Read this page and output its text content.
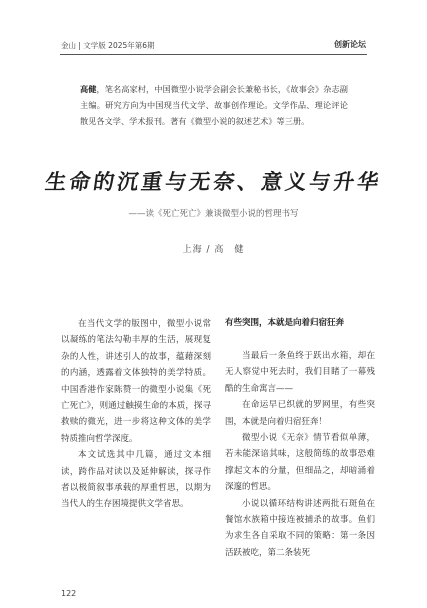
金山 | 文学版 2025年第6期	创新论坛
高健，笔名高家村，中国微型小说学会副会长兼秘书长，《故事会》杂志副主编。研究方向为中国现当代文学、故事创作理论。文学作品、理论评论散见各文学、学术报刊。著有《微型小说的叙述艺术》等三册。
生命的沉重与无奈、意义与升华
——读《死亡死亡》兼谈微型小说的哲理书写
上海 / 高　健

在当代文学的版图中，微型小说常以凝练的笔法勾勒丰厚的生活，展现复杂的人性，讲述引人的故事，蕴藉深刻的内涵，透露着文体独特的美学特质。中国香港作家陈赞一的微型小说集《死亡死亡》，则通过触摸生命的本质，探寻救赎的微光，进一步将这种文体的美学特质推向哲学深度。

本文试选其中几篇，通过文本细读，跨作品对读以及延伸解读，探寻作者以极简叙事承载的厚重哲思，以期为当代人的生存困境提供文学省思。

有些突围，本就是向着归宿狂奔

当最后一条鱼终于跃出水箱，却在无人察觉中死去时，我们目睹了一幕残酷的生命寓言——

在命运早已织就的罗网里，有些突围，本就是向着归宿狂奔！

微型小说《无奈》情节看似单薄，若未能深谙其味，这般简练的故事恐难撑起文本的分量，但细品之，却暗涌着深邃的哲思。

小说以循环结构讲述两批石斑鱼在餐馆水族箱中接连被捕杀的故事。鱼们为求生各自采取不同的策略：第一条因活跃被吃，第二条装死

122
